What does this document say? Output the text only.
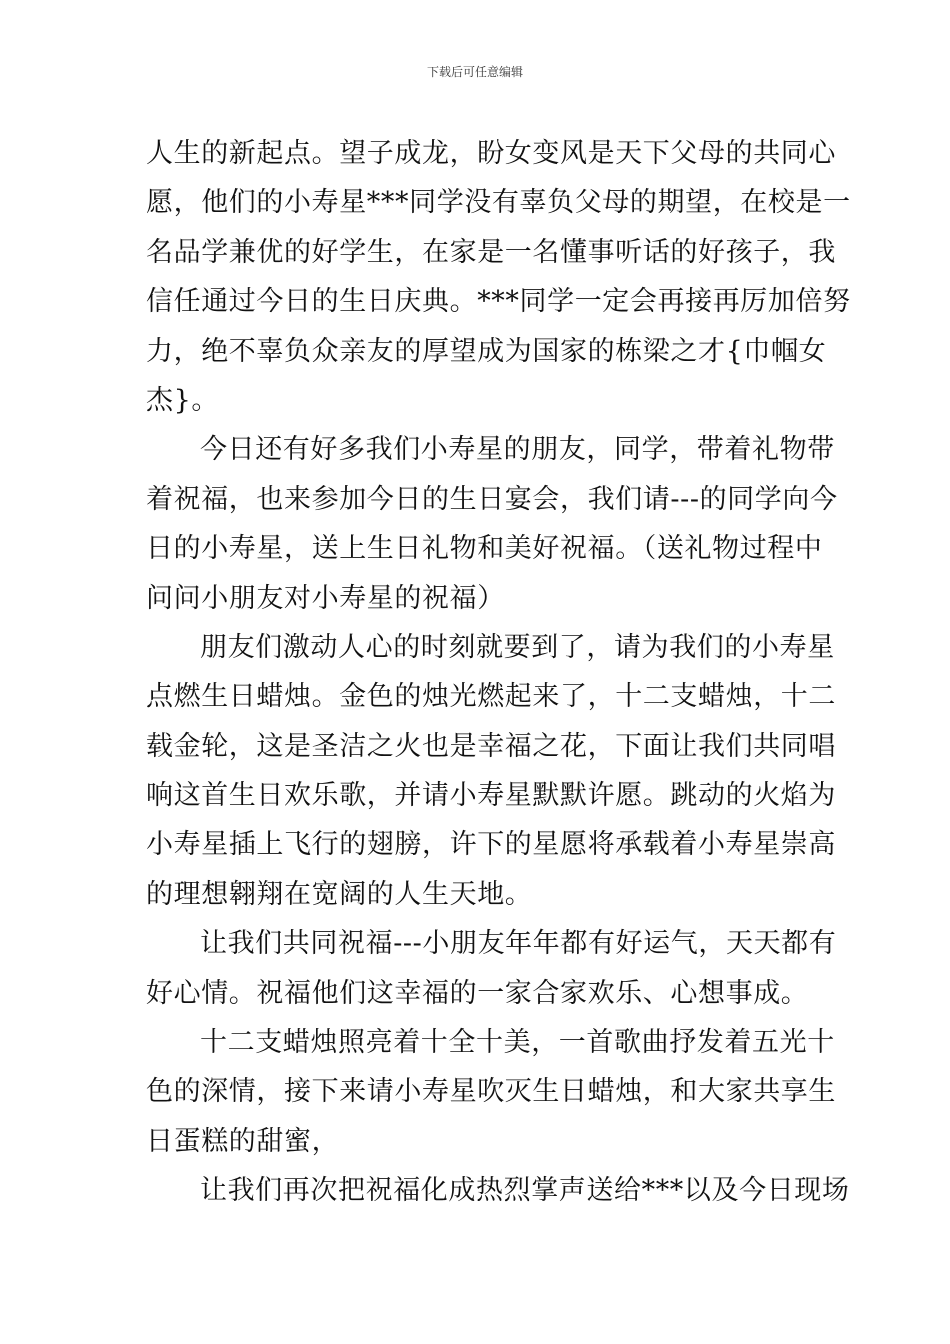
下载后可任意编辑
人生的新起点。望子成龙，盼女变风是天下父母的共同心
愿，他们的小寿星***同学没有辜负父母的期望，在校是一
名品学兼优的好学生，在家是一名懂事听话的好孩子，我
信任通过今日的生日庆典。***同学一定会再接再厉加倍努
力，绝不辜负众亲友的厚望成为国家的栋梁之才{巾帼女
杰}。
今日还有好多我们小寿星的朋友，同学，带着礼物带
着祝福，也来参加今日的生日宴会，我们请---的同学向今
日的小寿星，送上生日礼物和美好祝福。（送礼物过程中
问问小朋友对小寿星的祝福）
朋友们激动人心的时刻就要到了，请为我们的小寿星
点燃生日蜡烛。金色的烛光燃起来了，十二支蜡烛，十二
载金轮，这是圣洁之火也是幸福之花，下面让我们共同唱
响这首生日欢乐歌，并请小寿星默默许愿。跳动的火焰为
小寿星插上飞行的翅膀，许下的星愿将承载着小寿星崇高
的理想翱翔在宽阔的人生天地。
让我们共同祝福---小朋友年年都有好运气，天天都有
好心情。祝福他们这幸福的一家合家欢乐、心想事成。
十二支蜡烛照亮着十全十美，一首歌曲抒发着五光十
色的深情，接下来请小寿星吹灭生日蜡烛，和大家共享生
日蛋糕的甜蜜，
让我们再次把祝福化成热烈掌声送给***以及今日现场
